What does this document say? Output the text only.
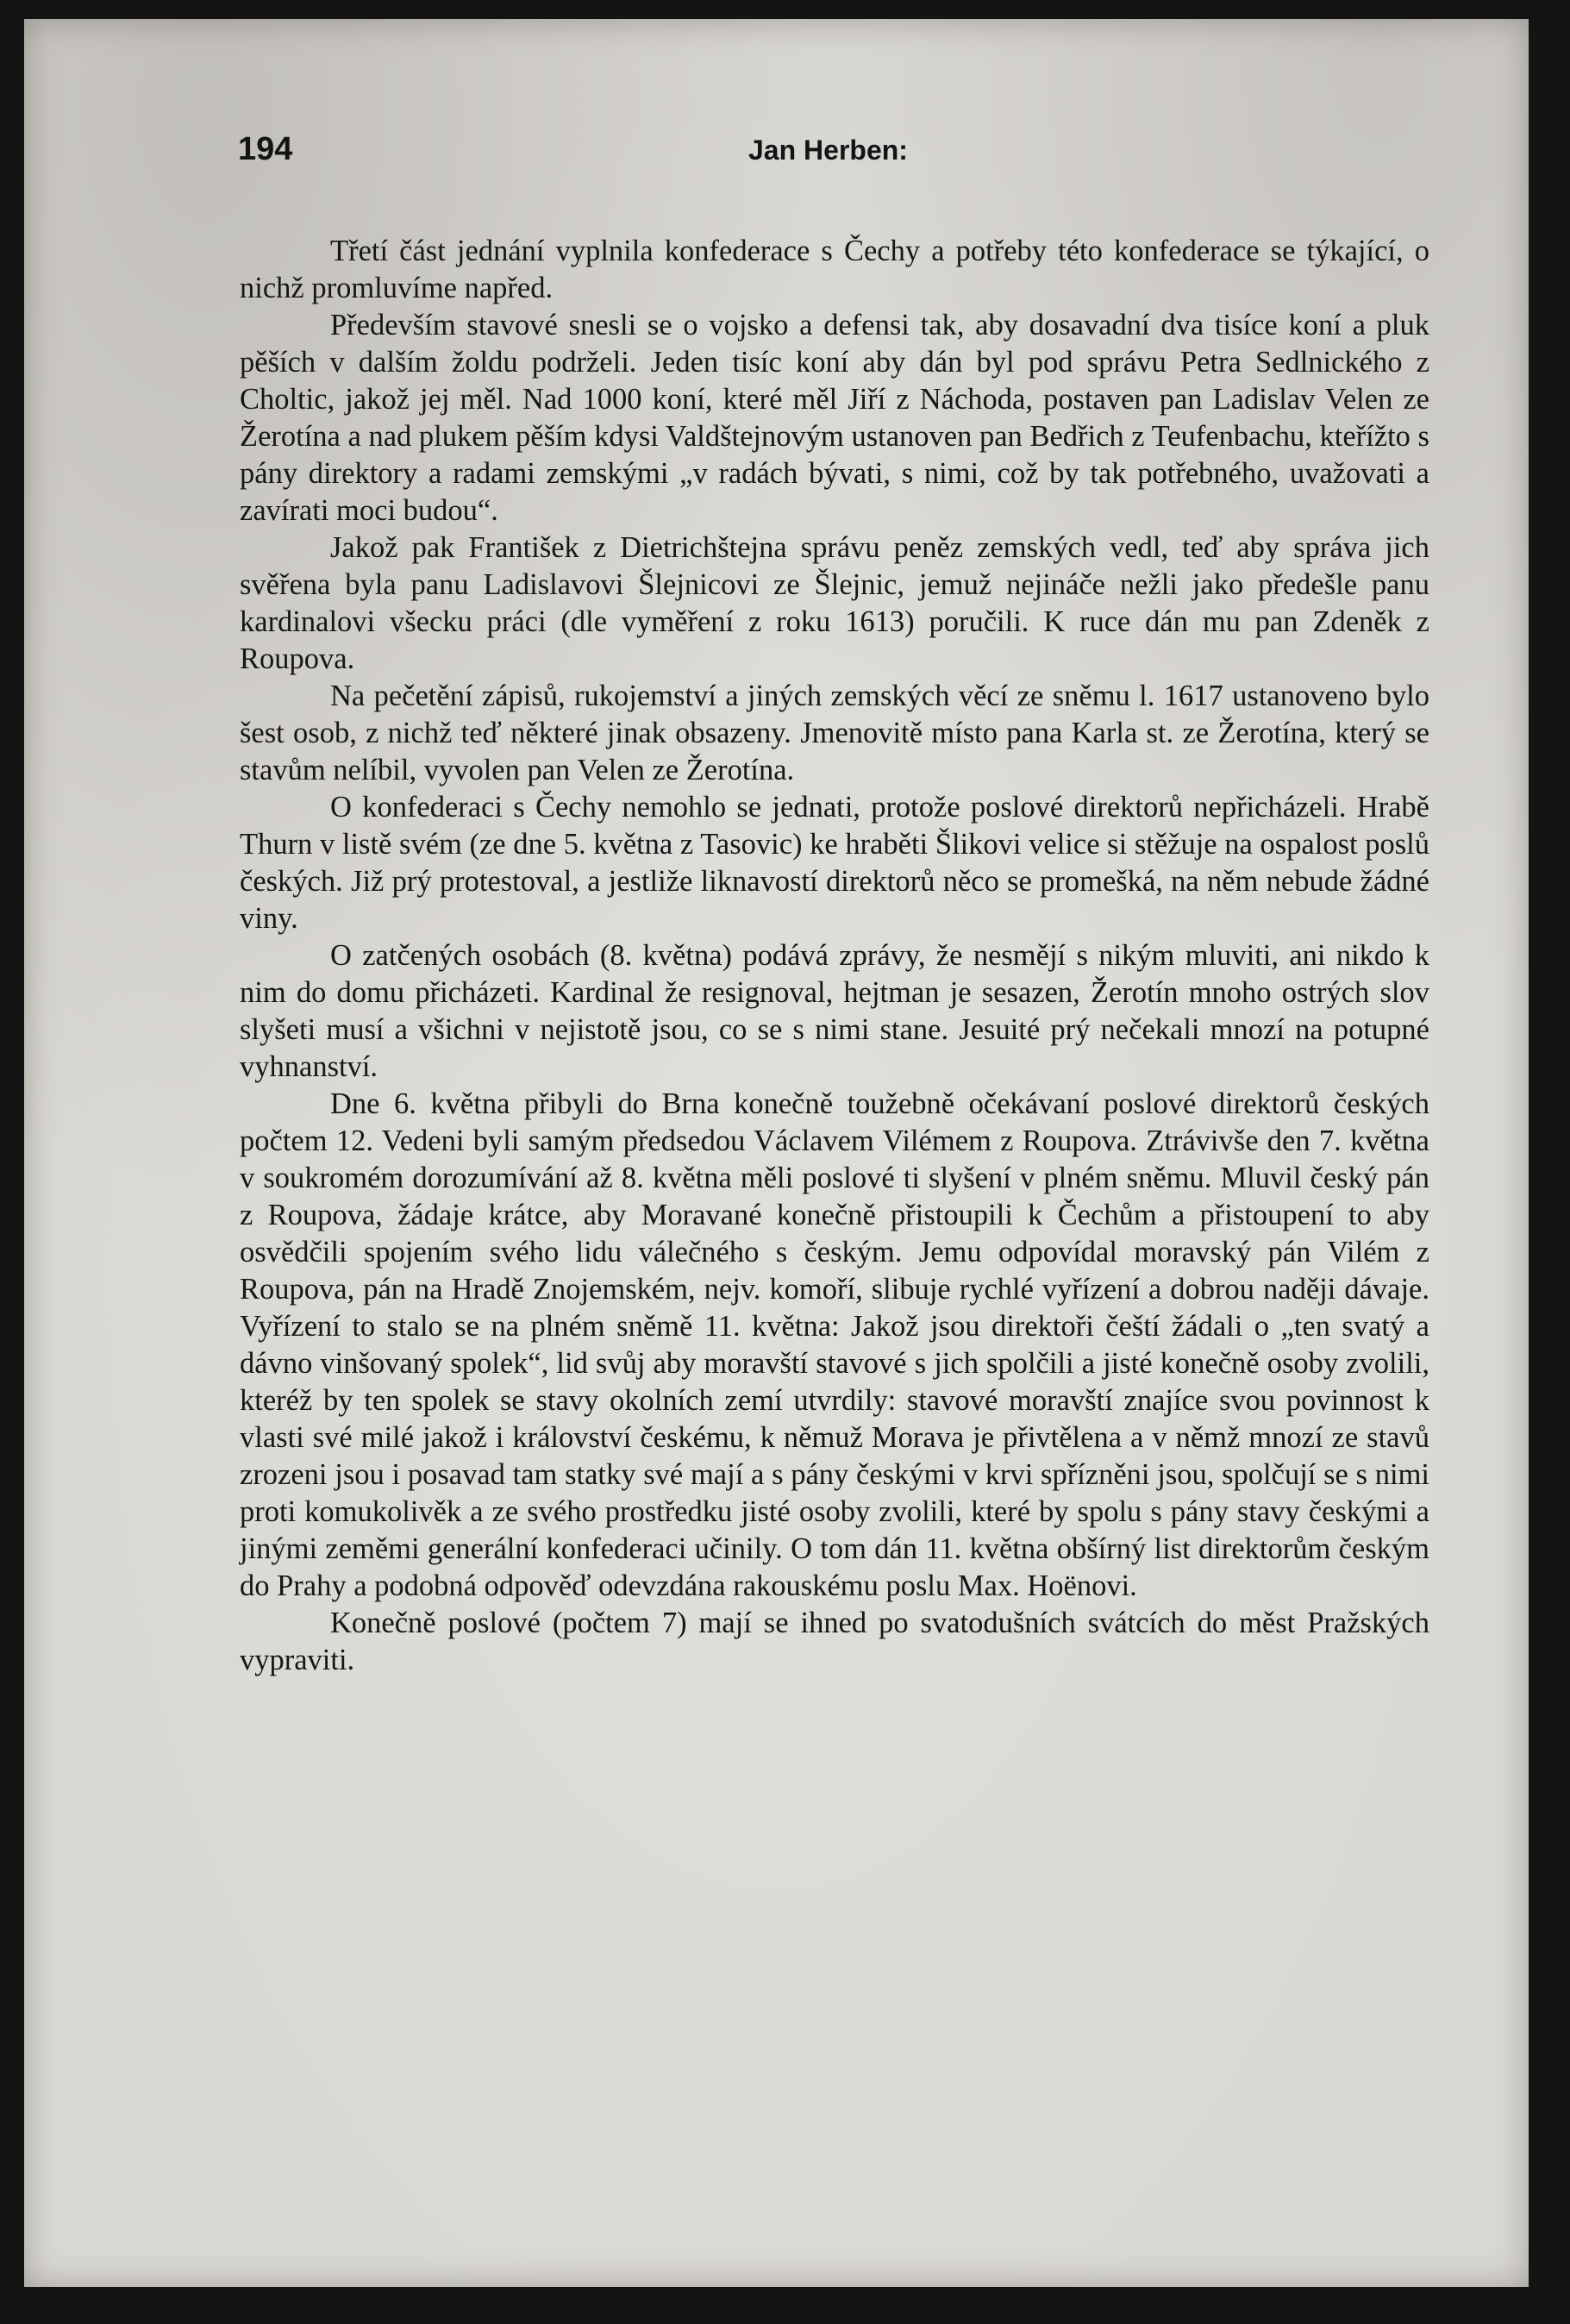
194	Jan Herben:

Třetí část jednání vyplnila konfederace s Čechy a potřeby této konfederace se týkající, o nichž promluvíme napřed.

Především stavové snesli se o vojsko a defensi tak, aby dosavadní dva tisíce koní a pluk pěších v dalším žoldu podrželi. Jeden tisíc koní aby dán byl pod správu Petra Sedlnického z Choltic, jakož jej měl. Nad 1000 koní, které měl Jiří z Náchoda, postaven pan Ladislav Velen ze Žerotína a nad plukem pěším kdysi Valdštejnovým ustanoven pan Bedřich z Teufenbachu, kteřížto s pány direktory a radami zemskými „v radách bývati, s nimi, což by tak potřebného, uvažovati a zavírati moci budou“.

Jakož pak František z Dietrichštejna správu peněz zemských vedl, teď aby správa jich svěřena byla panu Ladislavovi Šlejnicovi ze Šlejnic, jemuž nejináče nežli jako předešle panu kardinalovi všecku práci (dle vyměření z roku 1613) poručili. K ruce dán mu pan Zdeněk z Roupova.

Na pečetění zápisů, rukojemství a jiných zemských věcí ze sněmu l. 1617 ustanoveno bylo šest osob, z nichž teď některé jinak obsazeny. Jmenovitě místo pana Karla st. ze Žerotína, který se stavům nelíbil, vyvolen pan Velen ze Žerotína.

O konfederaci s Čechy nemohlo se jednati, protože poslové direktorů nepřicházeli. Hrabě Thurn v listě svém (ze dne 5. května z Tasovic) ke hraběti Šlikovi velice si stěžuje na ospalost poslů českých. Již prý protestoval, a jestliže liknavostí direktorů něco se promešká, na něm nebude žádné viny.

O zatčených osobách (8. května) podává zprávy, že nesmějí s nikým mluviti, ani nikdo k nim do domu přicházeti. Kardinal že resignoval, hejtman je sesazen, Žerotín mnoho ostrých slov slyšeti musí a všichni v nejistotě jsou, co se s nimi stane. Jesuité prý nečekali mnozí na potupné vyhnanství.

Dne 6. května přibyli do Brna konečně toužebně očekávaní poslové direktorů českých počtem 12. Vedeni byli samým předsedou Václavem Vilémem z Roupova. Ztrávivše den 7. května v soukromém dorozumívání až 8. května měli poslové ti slyšení v plném sněmu. Mluvil český pán z Roupova, žádaje krátce, aby Moravané konečně přistoupili k Čechům a přistoupení to aby osvědčili spojením svého lidu válečného s českým. Jemu odpovídal moravský pán Vilém z Roupova, pán na Hradě Znojemském, nejv. komoří, slibuje rychlé vyřízení a dobrou naději dávaje. Vyřízení to stalo se na plném sněmě 11. května: Jakož jsou direktoři čeští žádali o „ten svatý a dávno vinšovaný spolek“, lid svůj aby moravští stavové s jich spolčili a jisté konečně osoby zvolili, kteréž by ten spolek se stavy okolních zemí utvrdily: stavové moravští znajíce svou povinnost k vlasti své milé jakož i království českému, k němuž Morava je přivtělena a v němž mnozí ze stavů zrozeni jsou i posavad tam statky své mají a s pány českými v krvi spřízněni jsou, spolčují se s nimi proti komukolivěk a ze svého prostředku jisté osoby zvolili, které by spolu s pány stavy českými a jinými zeměmi generální konfederaci učinily. O tom dán 11. května obšírný list direktorům českým do Prahy a podobná odpověď odevzdána rakouskému poslu Max. Hoënovi.

Konečně poslové (počtem 7) mají se ihned po svatodušních svátcích do měst Pražských vypraviti.
